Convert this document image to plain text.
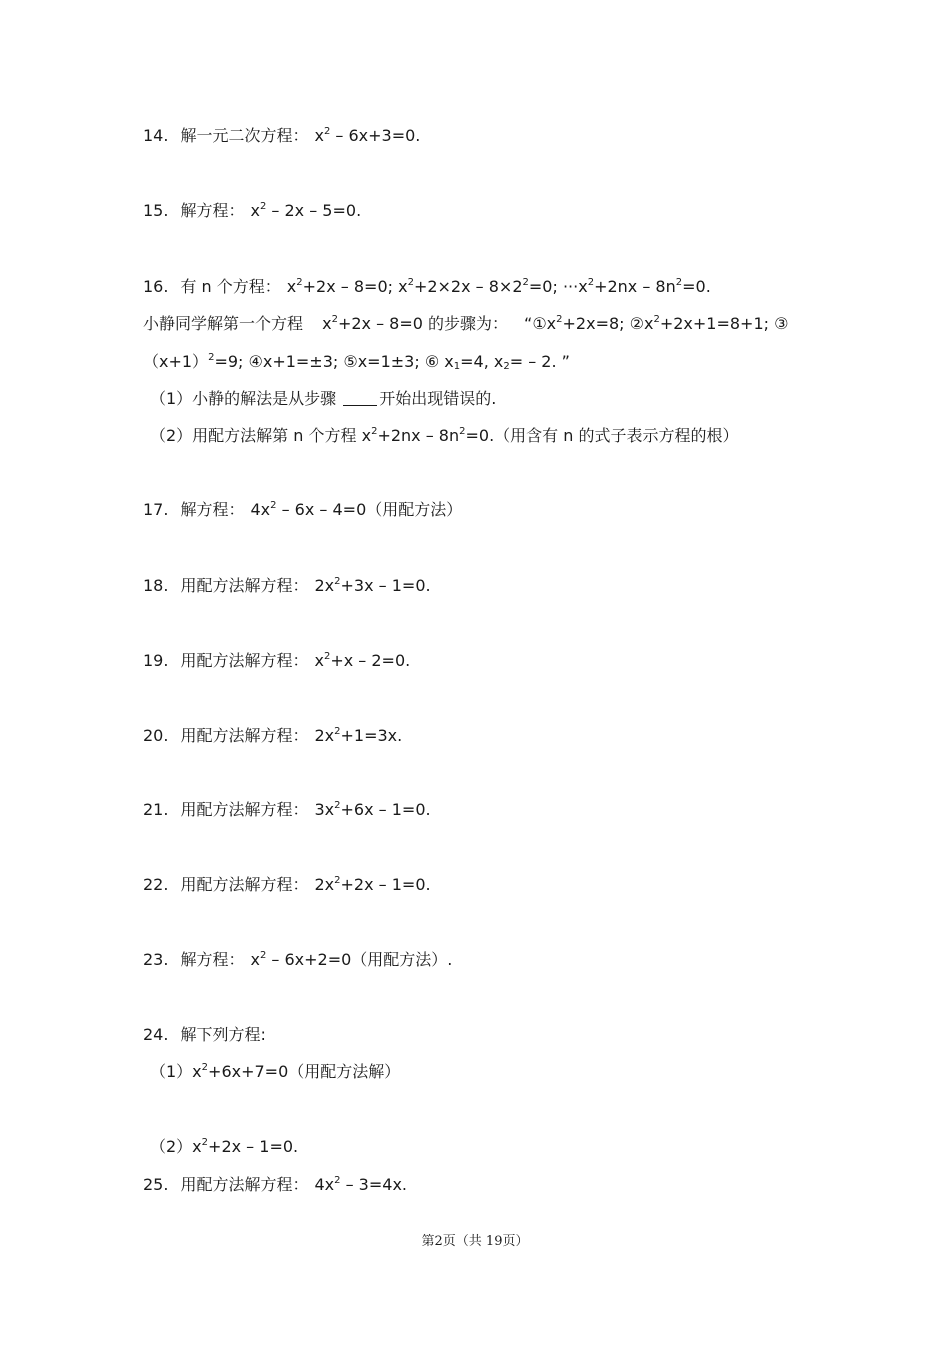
14. 解一元二次方程： $x^2 - 6x+3=0$.
15. 解方程： $x^2 - 2x - 5=0$.
16. 有 n 个方程： $x^2+2x - 8=0$; $x^2+2\times 2x - 8\times 2^2=0$; $\cdot\cdot\cdot x^2+2nx - 8n^2=0$.
小静同学解第一个方程 $x^2+2x - 8=0$ 的步骤为： “$①x^2+2x=8$; $②x^2+2x+1=8+1$; ③
$(x+1)^2=9$; ④x+1=±3; ⑤x=1±3; ⑥ $x_1=4$, $x_2= - 2$. ”
（1）小静的解法是从步骤 开始出现错误的.
（2）用配方法解第 n 个方程 $x^2+2nx - 8n^2=0$.（用含有 n 的式子表示方程的根）
17. 解方程： $4x^2 - 6x - 4=0$（用配方法）
18. 用配方法解方程： $2x^2+3x - 1=0$.
19. 用配方法解方程： $x^2+x - 2=0$.
20. 用配方法解方程： $2x^2+1=3x$.
21. 用配方法解方程： $3x^2+6x - 1=0$.
22. 用配方法解方程： $2x^2+2x - 1=0$.
23. 解方程： $x^2 - 6x+2=0$（用配方法）.
24. 解下列方程:
$(1)x^2+6x+7=0$（用配方法解）
$(2)x^2+2x - 1=0$.
25. 用配方法解方程： $4x^2 - 3=4x$.
第2页（共 19页）
